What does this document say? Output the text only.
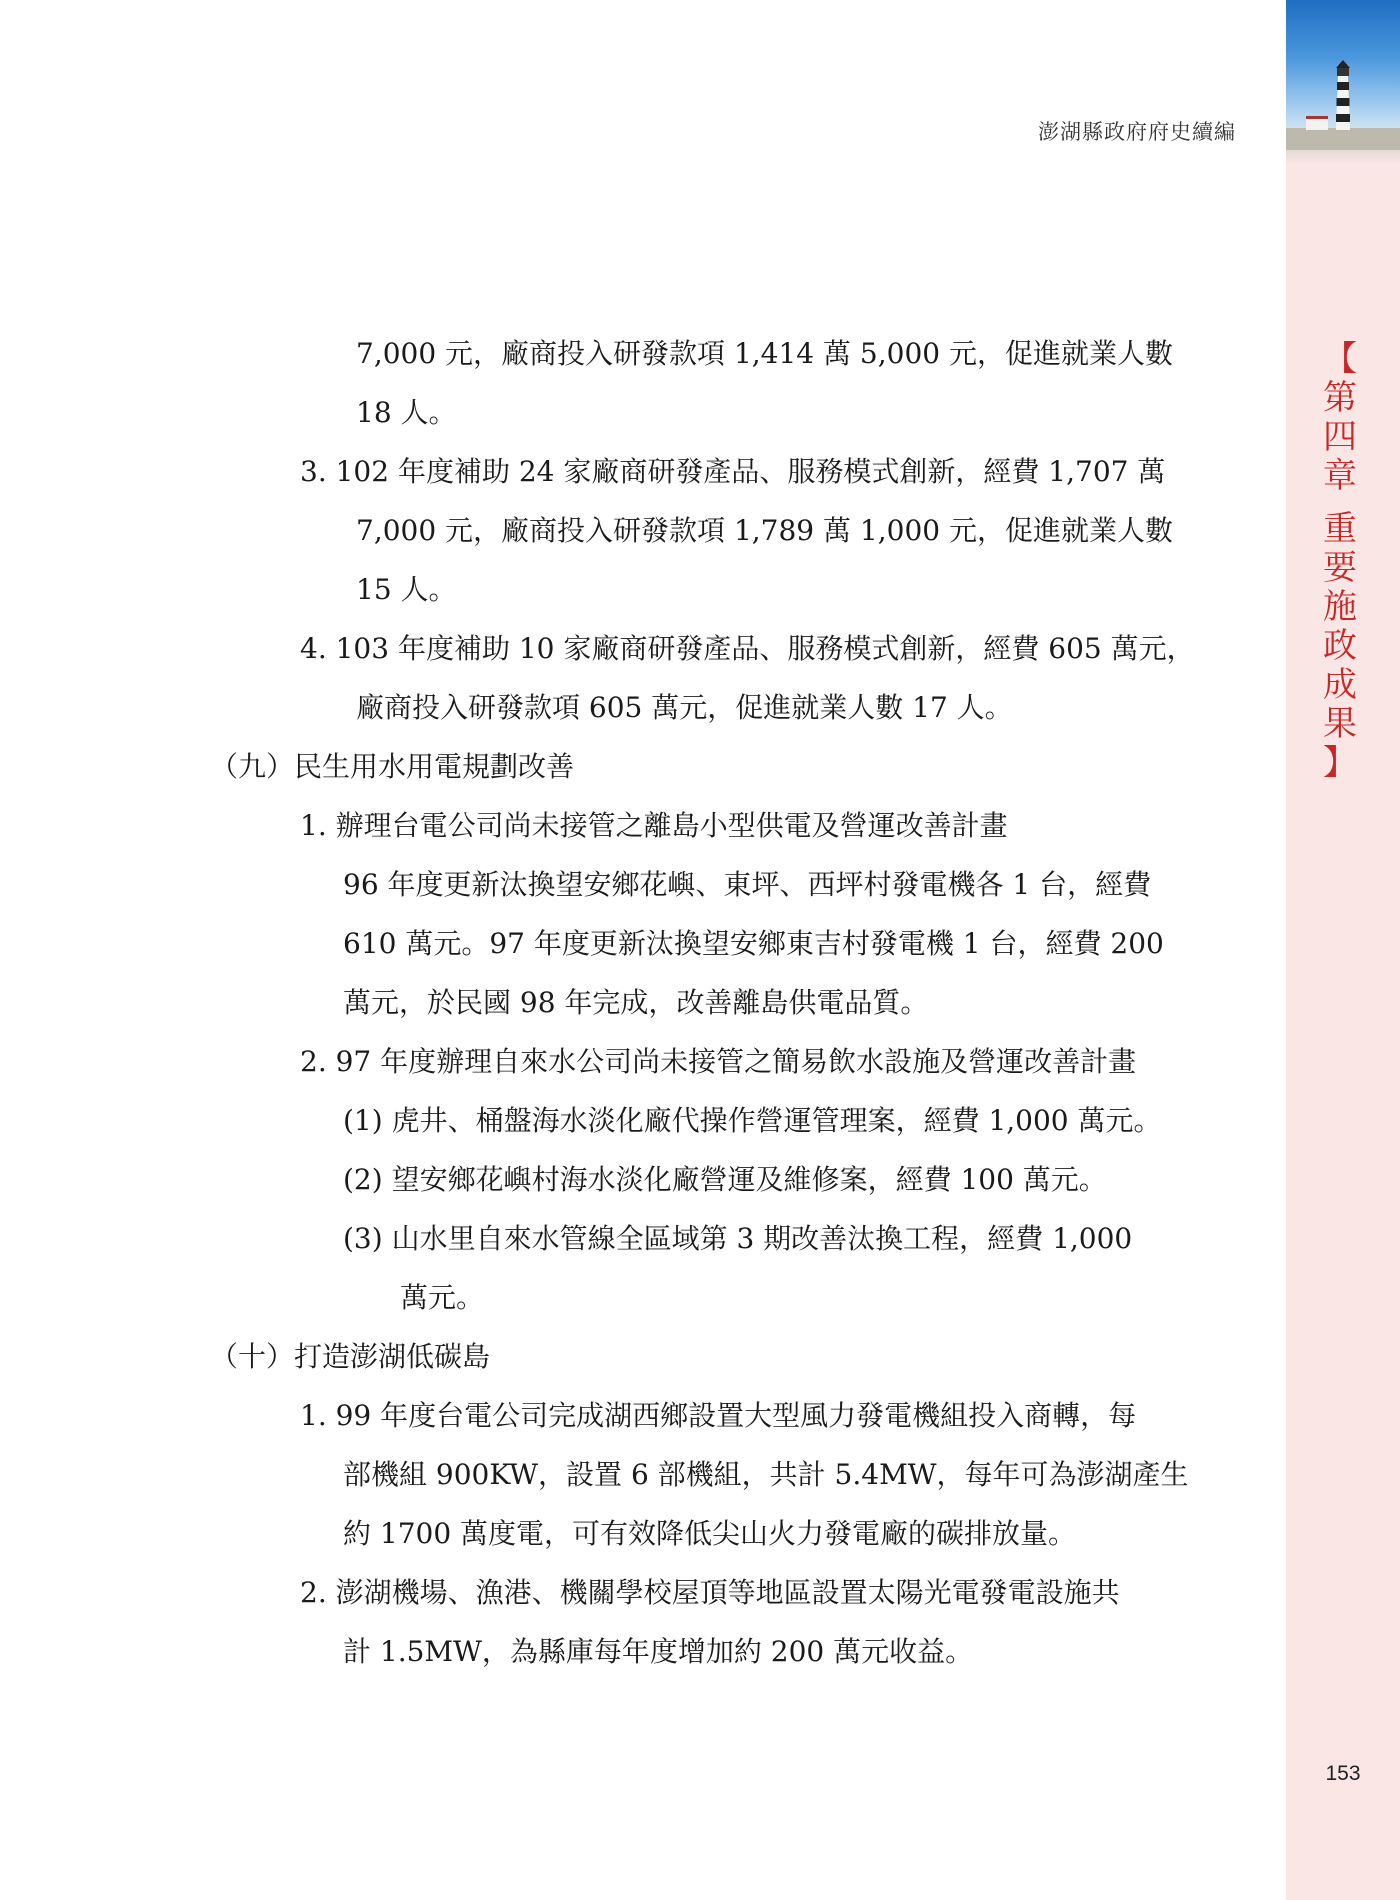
澎湖縣政府府史續編
7,000 元，廠商投入研發款項 1,414 萬 5,000 元，促進就業人數
18 人。
3. 102 年度補助 24 家廠商研發產品、服務模式創新，經費 1,707 萬
7,000 元，廠商投入研發款項 1,789 萬 1,000 元，促進就業人數
15 人。
4. 103 年度補助 10 家廠商研發產品、服務模式創新，經費 605 萬元，
廠商投入研發款項 605 萬元，促進就業人數 17 人。
（九）民生用水用電規劃改善
1. 辦理台電公司尚未接管之離島小型供電及營運改善計畫
96 年度更新汰換望安鄉花嶼、東坪、西坪村發電機各 1 台，經費
610 萬元。97 年度更新汰換望安鄉東吉村發電機 1 台，經費 200
萬元，於民國 98 年完成，改善離島供電品質。
2. 97 年度辦理自來水公司尚未接管之簡易飲水設施及營運改善計畫
(1) 虎井、桶盤海水淡化廠代操作營運管理案，經費 1,000 萬元。
(2) 望安鄉花嶼村海水淡化廠營運及維修案，經費 100 萬元。
(3) 山水里自來水管線全區域第 3 期改善汰換工程，經費 1,000
萬元。
（十）打造澎湖低碳島
1. 99 年度台電公司完成湖西鄉設置大型風力發電機組投入商轉，每
部機組 900KW，設置 6 部機組，共計 5.4MW，每年可為澎湖產生
約 1700 萬度電，可有效降低尖山火力發電廠的碳排放量。
2. 澎湖機場、漁港、機關學校屋頂等地區設置太陽光電發電設施共
計 1.5MW，為縣庫每年度增加約 200 萬元收益。
【
第
四
章
重
要
施
政
成
果
】
153
